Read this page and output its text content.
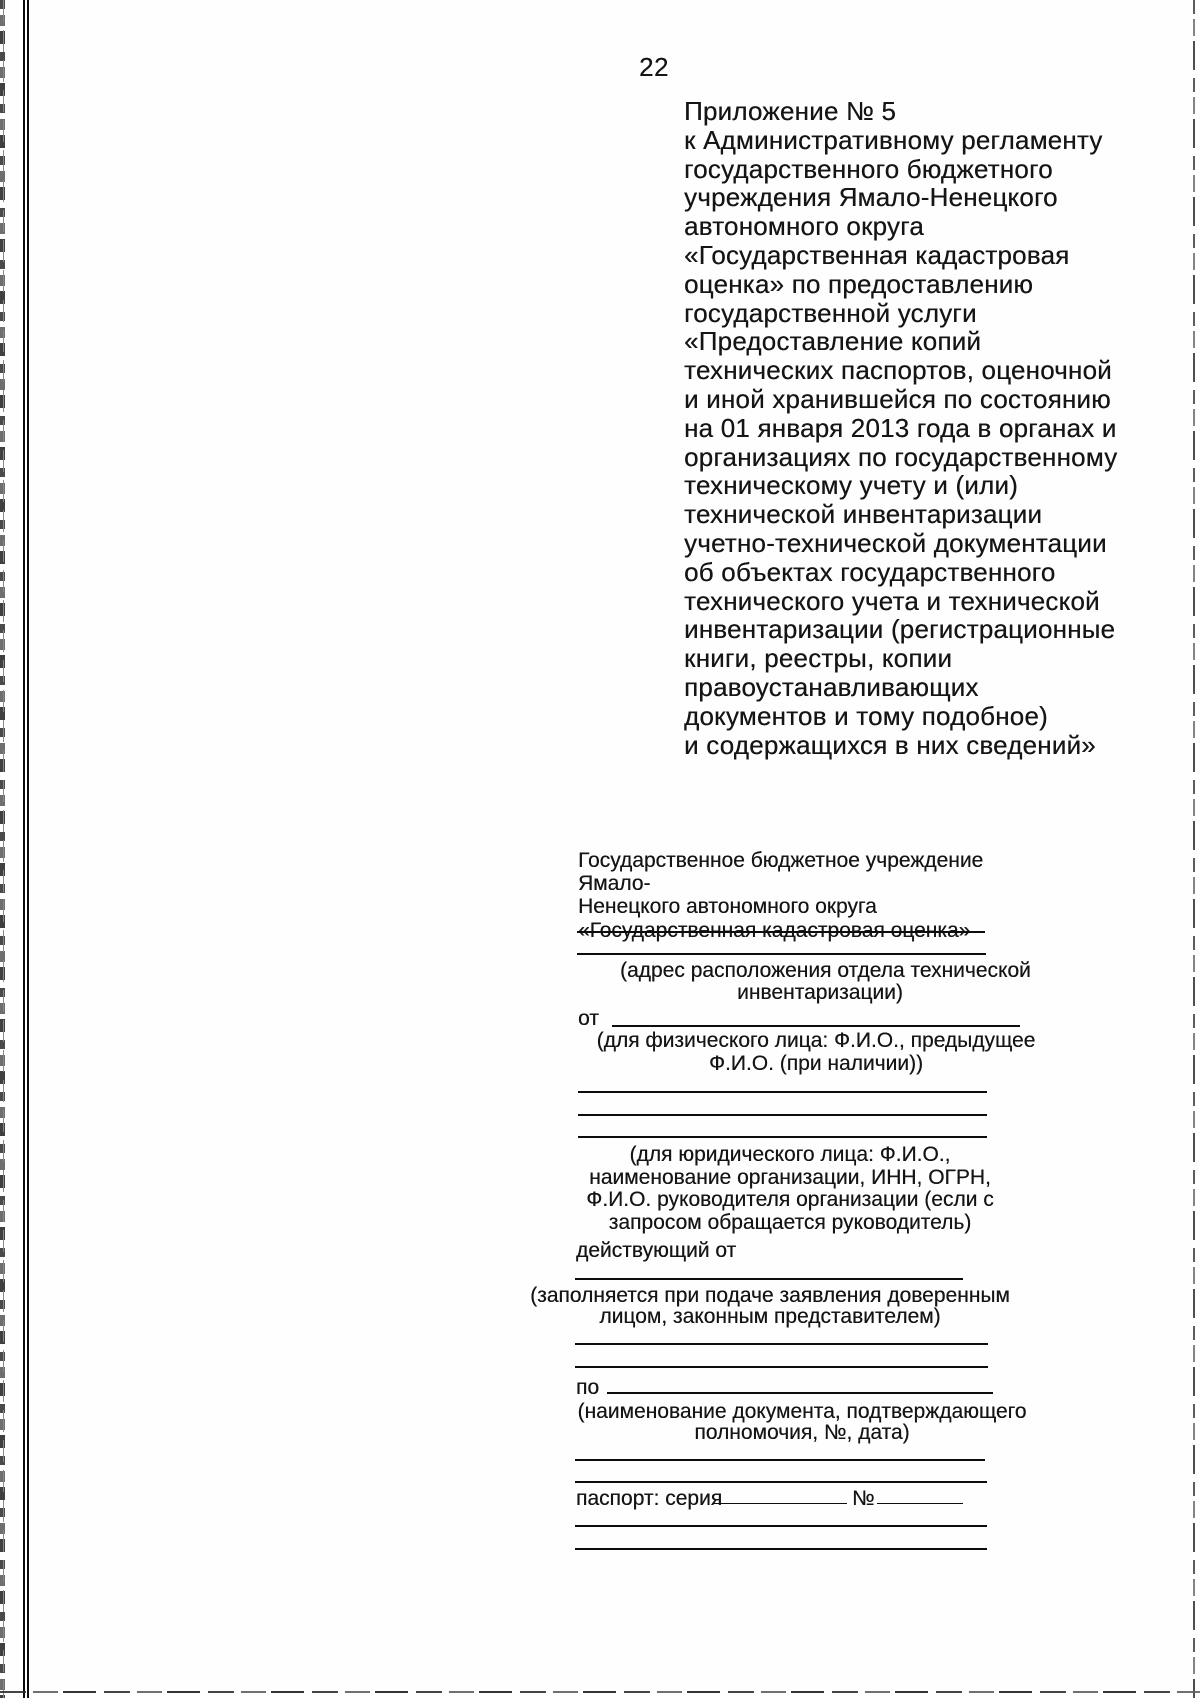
22
Приложение № 5
к Административному регламенту
государственного бюджетного
учреждения Ямало-Ненецкого
автономного округа
«Государственная кадастровая
оценка» по предоставлению
государственной услуги
«Предоставление копий
технических паспортов, оценочной
и иной хранившейся по состоянию
на 01 января 2013 года в органах и
организациях по государственному
техническому учету и (или)
технической инвентаризации
учетно-технической документации
об объектах государственного
технического учета и технической
инвентаризации (регистрационные
книги, реестры, копии
правоустанавливающих
документов и тому подобное)
и содержащихся в них сведений»
Государственное бюджетное учреждение Ямало-
Ненецкого автономного округа
«Государственная кадастровая оценка»
(адрес расположения отдела технической
инвентаризации)
от
(для физического лица: Ф.И.О., предыдущее
Ф.И.О. (при наличии))
(для юридического лица: Ф.И.О.,
наименование организации, ИНН, ОГРН,
Ф.И.О. руководителя организации (если с
запросом обращается руководитель)
действующий от
(заполняется при подаче заявления доверенным
лицом, законным представителем)
по
(наименование документа, подтверждающего
полномочия, №, дата)
паспорт: серия	№
